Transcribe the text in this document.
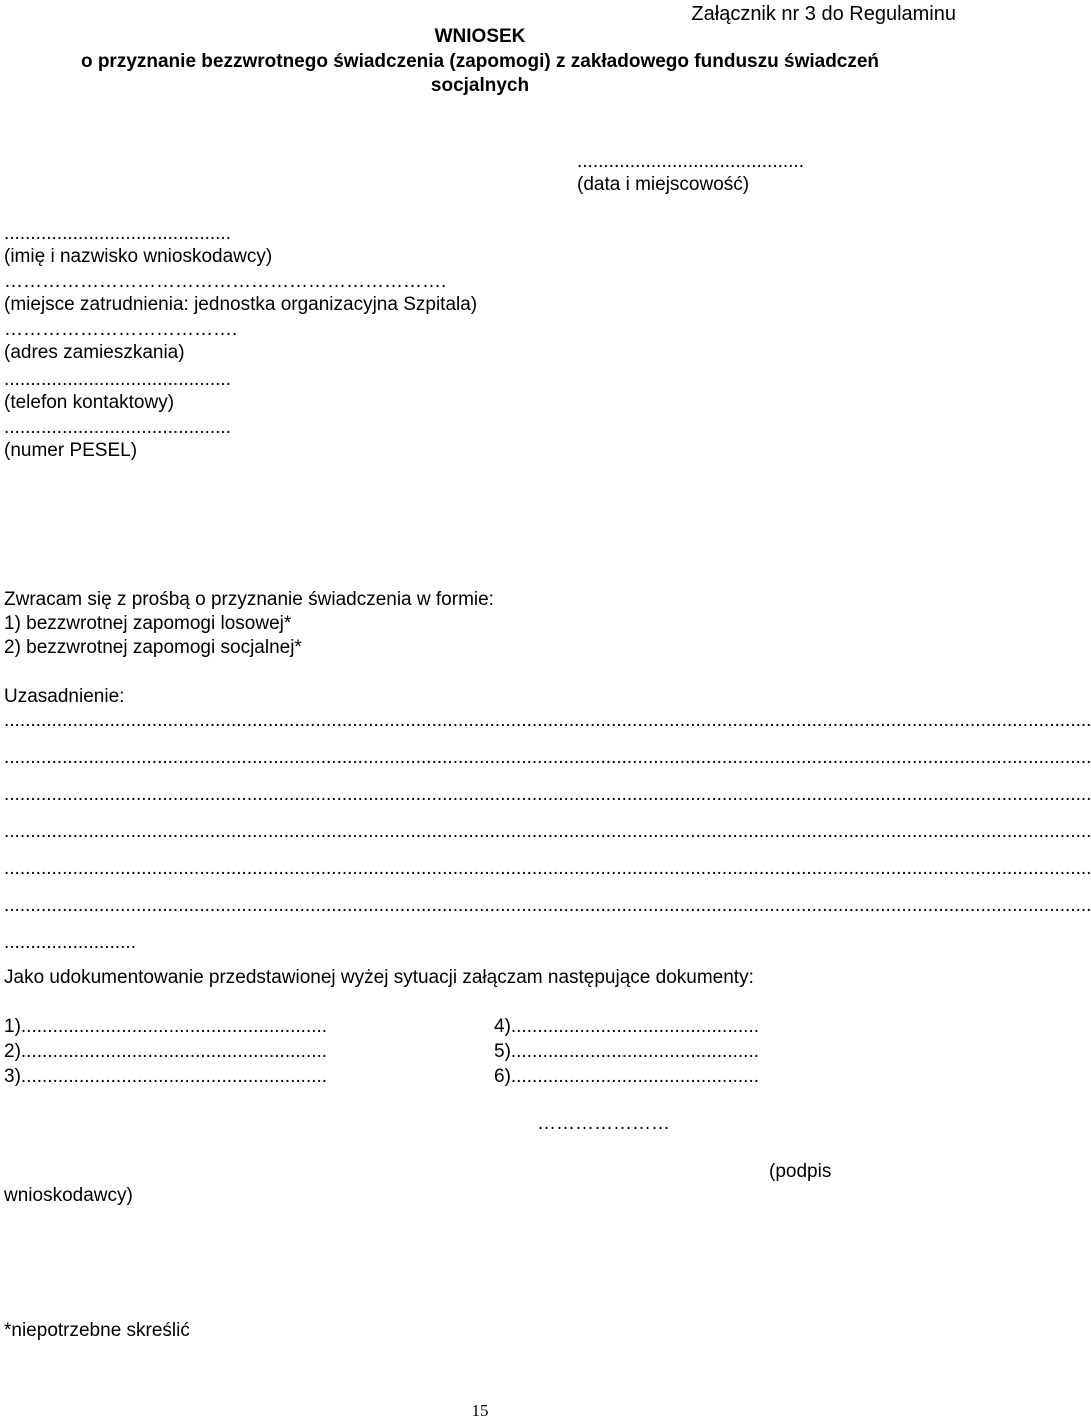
Załącznik nr 3 do Regulaminu
WNIOSEK
o przyznanie bezzwrotnego świadczenia (zapomogi) z zakładowego funduszu świadczeń
socjalnych
...........................................
(data i miejscowość)
...........................................
(imię i nazwisko wnioskodawcy)
…………………………………………………………….
(miejsce zatrudnienia: jednostka organizacyjna Szpitala)
……………………………….
(adres zamieszkania)
...........................................
(telefon kontaktowy)
...........................................
(numer PESEL)
Zwracam się z prośbą o przyznanie świadczenia w formie:
1) bezzwrotnej zapomogi losowej*
2) bezzwrotnej zapomogi socjalnej*
Uzasadnienie:
..............................................................................................................................................................................................................
..............................................................................................................................................................................................................
..............................................................................................................................................................................................................
..............................................................................................................................................................................................................
..............................................................................................................................................................................................................
..............................................................................................................................................................................................................
.........................
Jako udokumentowanie przedstawionej wyżej sytuacji załączam następujące dokumenty:
1)..........................................................
2)..........................................................
3)..........................................................
4)...............................................
5)...............................................
6)...............................................
…………………
(podpis
wnioskodawcy)
*niepotrzebne skreślić
15
